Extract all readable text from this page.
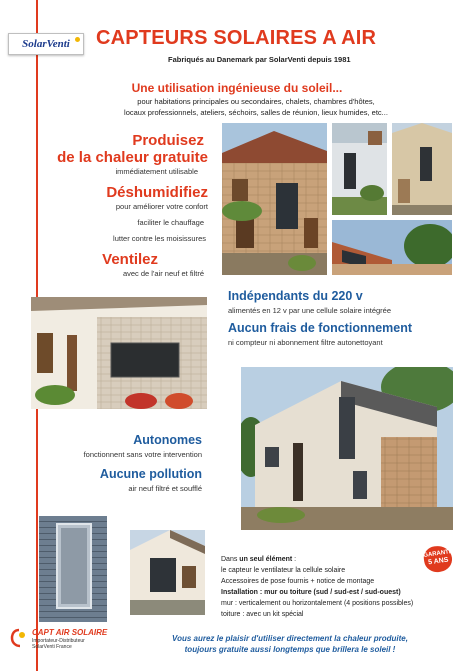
SolarVenti CAPTEURS SOLAIRES A AIR
Fabriqués au Danemark par SolarVenti depuis 1981
Une utilisation ingénieuse du soleil...
pour habitations principales ou secondaires, chalets, chambres d'hôtes,
locaux professionnels, ateliers, séchoirs, salles de réunion, lieux humides, etc...
Produisez
de la chaleur gratuite
immédiatement utilisable
Déshumidifiez
pour améliorer votre confort
faciliter le chauffage
lutter contre les moisissures
Ventilez
avec de l'air neuf et filtré
Indépendants du 220 v
alimentés en 12 v par une cellule solaire intégrée
Aucun frais de fonctionnement
ni compteur ni abonnement filtre autonettoyant
Autonomes
fonctionnent sans votre intervention
Aucune pollution
air neuf filtré et soufflé
GARANTIE
5 ANS
Dans un seul élément :
le capteur le ventilateur la cellule solaire
Accessoires de pose fournis + notice de montage
Installation : mur ou toiture (sud / sud-est / sud-ouest)
mur : verticalement ou horizontalement (4 positions possibles)
toiture : avec un kit spécial
CAPT AIR SOLAIRE
Importateur-Distributeur
SolarVenti France
Vous aurez le plaisir d'utiliser directement la chaleur produite,
toujours gratuite aussi longtemps que brillera le soleil !
